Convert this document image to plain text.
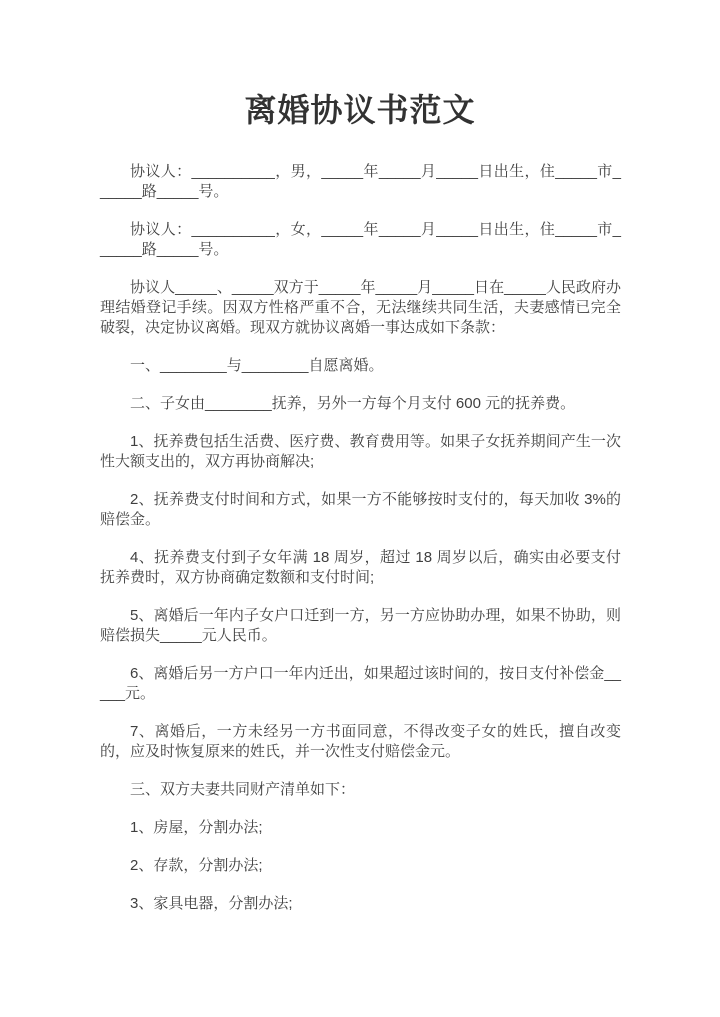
离婚协议书范文

协议人：__________，男，_____年_____月_____日出生，住_____市______路_____号。

协议人：__________，女，_____年_____月_____日出生，住_____市______路_____号。

协议人_____、_____双方于_____年_____月_____日在_____人民政府办理结婚登记手续。因双方性格严重不合，无法继续共同生活，夫妻感情已完全破裂，决定协议离婚。现双方就协议离婚一事达成如下条款：

一、________与________自愿离婚。

二、子女由________抚养，另外一方每个月支付 600 元的抚养费。

1、抚养费包括生活费、医疗费、教育费用等。如果子女抚养期间产生一次性大额支出的，双方再协商解决;

2、抚养费支付时间和方式，如果一方不能够按时支付的，每天加收 3%的赔偿金。

4、抚养费支付到子女年满 18 周岁，超过 18 周岁以后，确实由必要支付抚养费时，双方协商确定数额和支付时间;

5、离婚后一年内子女户口迁到一方，另一方应协助办理，如果不协助，则赔偿损失_____元人民币。

6、离婚后另一方户口一年内迁出，如果超过该时间的，按日支付补偿金_____元。

7、离婚后，一方未经另一方书面同意，不得改变子女的姓氏，擅自改变的，应及时恢复原来的姓氏，并一次性支付赔偿金元。

三、双方夫妻共同财产清单如下：

1、房屋，分割办法;

2、存款，分割办法;

3、家具电器，分割办法;
